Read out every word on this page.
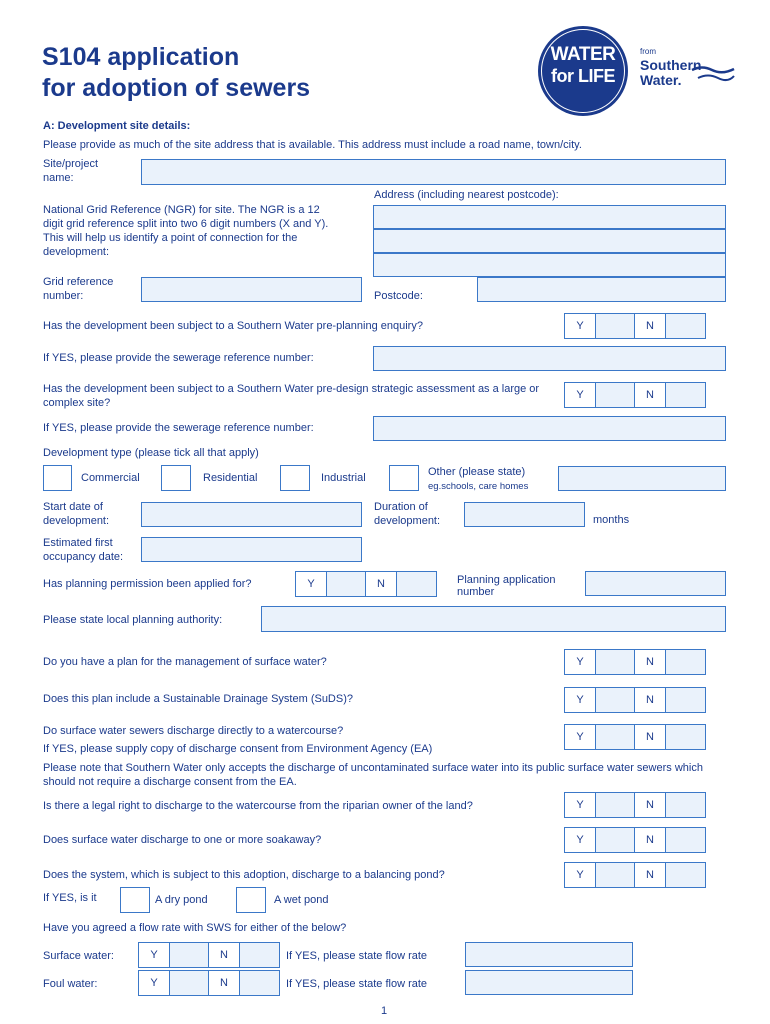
S104 application
for adoption of sewers
WATER
for LIFE
from
Southern
Water.
A: Development site details:
Please provide as much of the site address that is available. This address must include a road name, town/city.
Site/project name:
Address (including nearest postcode):
National Grid Reference (NGR) for site. The NGR is a 12 digit grid reference split into two 6 digit numbers (X and Y). This will help us identify a point of connection for the development:
Grid reference number:	Postcode:
Has the development been subject to a Southern Water pre-planning enquiry?	Y	N
If YES, please provide the sewerage reference number:
Has the development been subject to a Southern Water pre-design strategic assessment as a large or complex site?
Y	N
If YES, please provide the sewerage reference number:
Development type (please tick all that apply)
Commercial	Residential	Industrial	Other (please state)
eg.schools, care homes
Start date of development:
Duration of development:	months
Estimated first occupancy date:
Has planning permission been applied for?	Y	N	Planning application number
Please state local planning authority:
Do you have a plan for the management of surface water?	Y	N
Does this plan include a Sustainable Drainage System (SuDS)?	Y	N
Do surface water sewers discharge directly to a watercourse?
If YES, please supply copy of discharge consent from Environment Agency (EA)
Y	N
Please note that Southern Water only accepts the discharge of uncontaminated surface water into its public surface water sewers which should not require a discharge consent from the EA.
Is there a legal right to discharge to the watercourse from the riparian owner of the land?	Y	N
Does surface water discharge to one or more soakaway?	Y	N
Does the system, which is subject to this adoption, discharge to a balancing pond?	Y	N
If YES, is it	A dry pond	A wet pond
Have you agreed a flow rate with SWS for either of the below?
Surface water:	Y	N	If YES, please state flow rate
Foul water:	Y	N	If YES, please state flow rate
1
